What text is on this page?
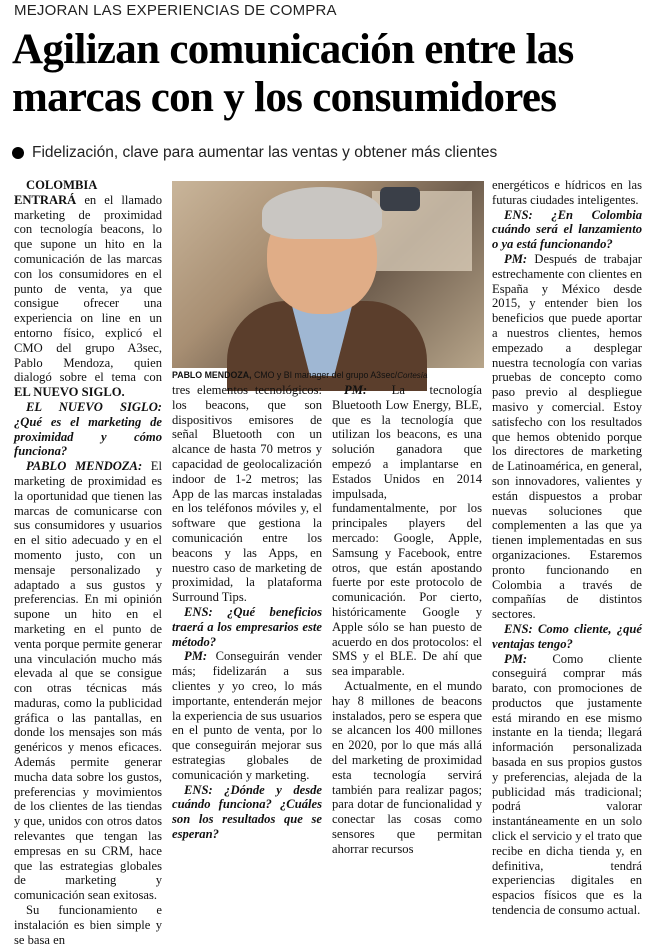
MEJORAN LAS EXPERIENCIAS DE COMPRA
Agilizan comunicación entre las marcas con y los consumidores
Fidelización, clave para aumentar las ventas y obtener más clientes

COLOMBIA ENTRARÁ en el llamado marketing de proximidad con tecnología beacons, lo que supone un hito en la comunicación de las marcas con los consumidores en el punto de venta, ya que consigue ofrecer una experiencia on line en un entorno físico, explicó el CMO del grupo A3sec, Pablo Mendoza, quien dialogó sobre el tema con EL NUEVO SIGLO.

EL NUEVO SIGLO: ¿Qué es el marketing de proximidad y cómo funciona?

PABLO MENDOZA: El marketing de proximidad es la oportunidad que tienen las marcas de comunicarse con sus consumidores y usuarios en el sitio adecuado y en el momento justo, con un mensaje personalizado y adaptado a sus gustos y preferencias. En mi opinión supone un hito en el marketing en el punto de venta porque permite generar una vinculación mucho más elevada al que se consigue con otras técnicas más maduras, como la publicidad gráfica o las pantallas, en donde los mensajes son más genéricos y menos eficaces. Además permite generar mucha data sobre los gustos, preferencias y movimientos de los clientes de las tiendas y que, unidos con otros datos relevantes que tengan las empresas en su CRM, hace que las estrategias globales de marketing y comunicación sean exitosas.

Su funcionamiento e instalación es bien simple y se basa en

PABLO MENDOZA, CMO y BI manager del grupo A3sec/Cortesía

tres elementos tecnológicos: los beacons, que son dispositivos emisores de señal Bluetooth con un alcance de hasta 70 metros y capacidad de geolocalización indoor de 1-2 metros; las App de las marcas instaladas en los teléfonos móviles y, el software que gestiona la comunicación entre los beacons y las Apps, en nuestro caso de marketing de proximidad, la plataforma Surround Tips.

ENS: ¿Qué beneficios traerá a los empresarios este método?

PM: Conseguirán vender más; fidelizarán a sus clientes y yo creo, lo más importante, entenderán mejor la experiencia de sus usuarios en el punto de venta, por lo que conseguirán mejorar sus estrategias globales de comunicación y marketing.

ENS: ¿Dónde y desde cuándo funciona? ¿Cuáles son los resultados que se esperan?

PM: La tecnología Bluetooth Low Energy, BLE, que es la tecnología que utilizan los beacons, es una solución ganadora que empezó a implantarse en Estados Unidos en 2014 impulsada, fundamentalmente, por los principales players del mercado: Google, Apple, Samsung y Facebook, entre otros, que están apostando fuerte por este protocolo de comunicación. Por cierto, históricamente Google y Apple sólo se han puesto de acuerdo en dos protocolos: el SMS y el BLE. De ahí que sea imparable.

Actualmente, en el mundo hay 8 millones de beacons instalados, pero se espera que se alcancen los 400 millones en 2020, por lo que más allá del marketing de proximidad esta tecnología servirá también para realizar pagos; para dotar de funcionalidad y conectar las cosas como sensores que permitan ahorrar recursos

energéticos e hídricos en las futuras ciudades inteligentes.

ENS: ¿En Colombia cuándo será el lanzamiento o ya está funcionando?

PM: Después de trabajar estrechamente con clientes en España y México desde 2015, y entender bien los beneficios que puede aportar a nuestros clientes, hemos empezado a desplegar nuestra tecnología con varias pruebas de concepto como paso previo al despliegue masivo y comercial. Estoy satisfecho con los resultados que hemos obtenido porque los directores de marketing de Latinoamérica, en general, son innovadores, valientes y están dispuestos a probar nuevas soluciones que complementen a las que ya tienen implementadas en sus organizaciones. Estaremos pronto funcionando en Colombia a través de compañías de distintos sectores.

ENS: Como cliente, ¿qué ventajas tengo?

PM: Como cliente conseguirá comprar más barato, con promociones de productos que justamente está mirando en ese mismo instante en la tienda; llegará información personalizada basada en sus propios gustos y preferencias, alejada de la publicidad más tradicional; podrá valorar instantáneamente en un solo click el servicio y el trato que recibe en dicha tienda y, en definitiva, tendrá experiencias digitales en espacios físicos que es la tendencia de consumo actual.
